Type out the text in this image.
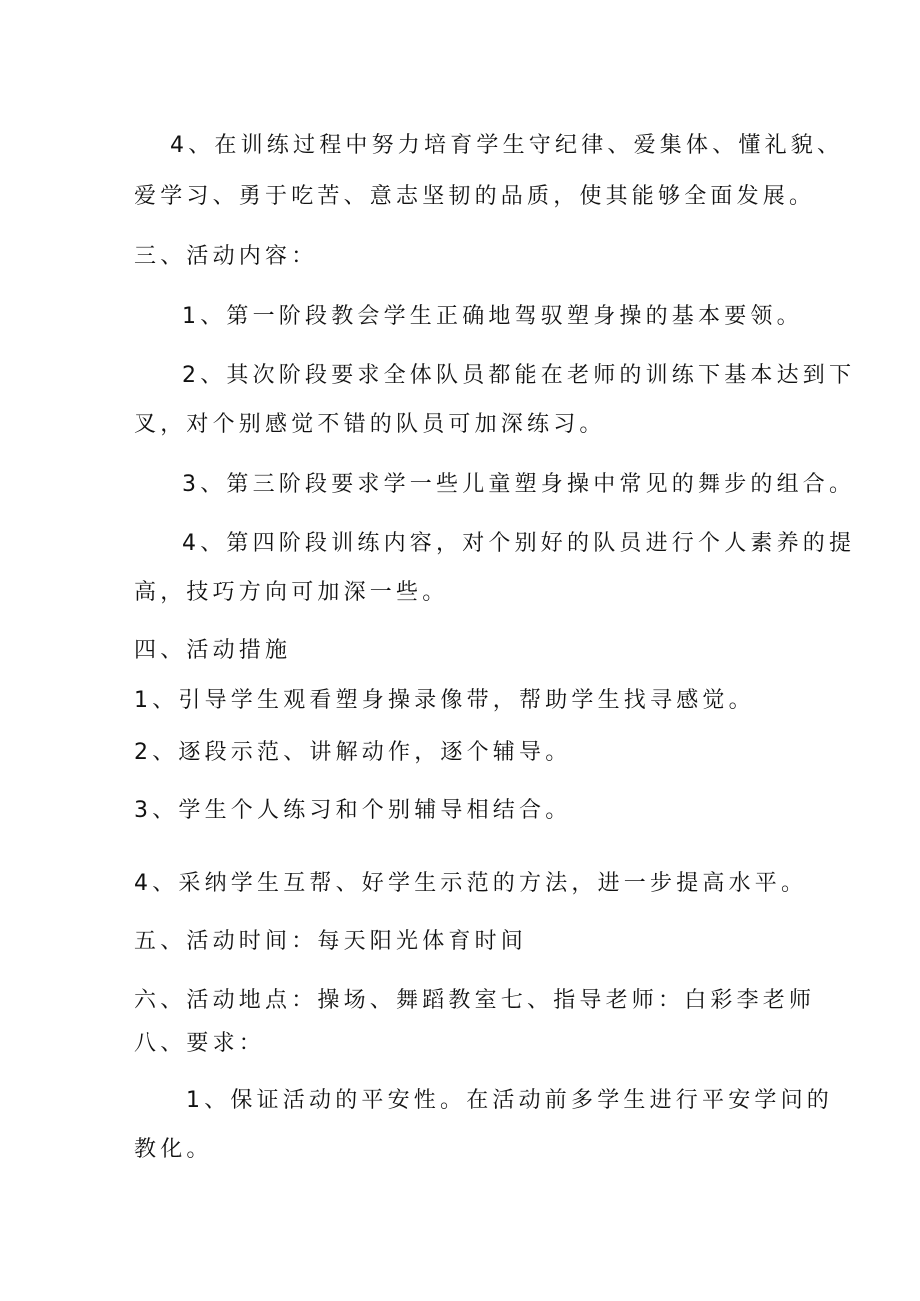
4、在训练过程中努力培育学生守纪律、爱集体、懂礼貌、
爱学习、勇于吃苦、意志坚韧的品质，使其能够全面发展。
三、活动内容：
1、第一阶段教会学生正确地驾驭塑身操的基本要领。
2、其次阶段要求全体队员都能在老师的训练下基本达到下
叉，对个别感觉不错的队员可加深练习。
3、第三阶段要求学一些儿童塑身操中常见的舞步的组合。
4、第四阶段训练内容，对个别好的队员进行个人素养的提
高，技巧方向可加深一些。
四、活动措施
1、引导学生观看塑身操录像带，帮助学生找寻感觉。
2、逐段示范、讲解动作，逐个辅导。
3、学生个人练习和个别辅导相结合。
4、采纳学生互帮、好学生示范的方法，进一步提高水平。
五、活动时间：每天阳光体育时间
六、活动地点：操场、舞蹈教室七、指导老师：白彩李老师
八、要求：
1、保证活动的平安性。在活动前多学生进行平安学问的
教化。
